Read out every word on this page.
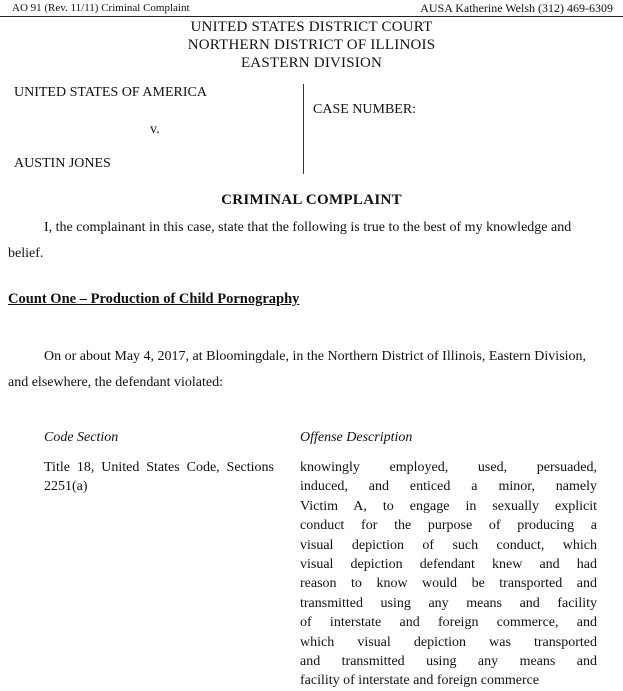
AO 91 (Rev. 11/11) Criminal Complaint	AUSA Katherine Welsh (312) 469-6309
UNITED STATES DISTRICT COURT
NORTHERN DISTRICT OF ILLINOIS
EASTERN DIVISION
UNITED STATES OF AMERICA
v.
AUSTIN JONES
CASE NUMBER:
CRIMINAL COMPLAINT
I, the complainant in this case, state that the following is true to the best of my knowledge and belief.
Count One – Production of Child Pornography
On or about May 4, 2017, at Bloomingdale, in the Northern District of Illinois, Eastern Division, and elsewhere, the defendant violated:
Code Section	Offense Description
Title 18, United States Code, Sections 2251(a)
knowingly employed, used, persuaded,
induced, and enticed a minor, namely
Victim A, to engage in sexually explicit
conduct for the purpose of producing a
visual depiction of such conduct, which
visual depiction defendant knew and had
reason to know would be transported and
transmitted using any means and facility
of interstate and foreign commerce, and
which visual depiction was transported
and transmitted using any means and
facility of interstate and foreign commerce
